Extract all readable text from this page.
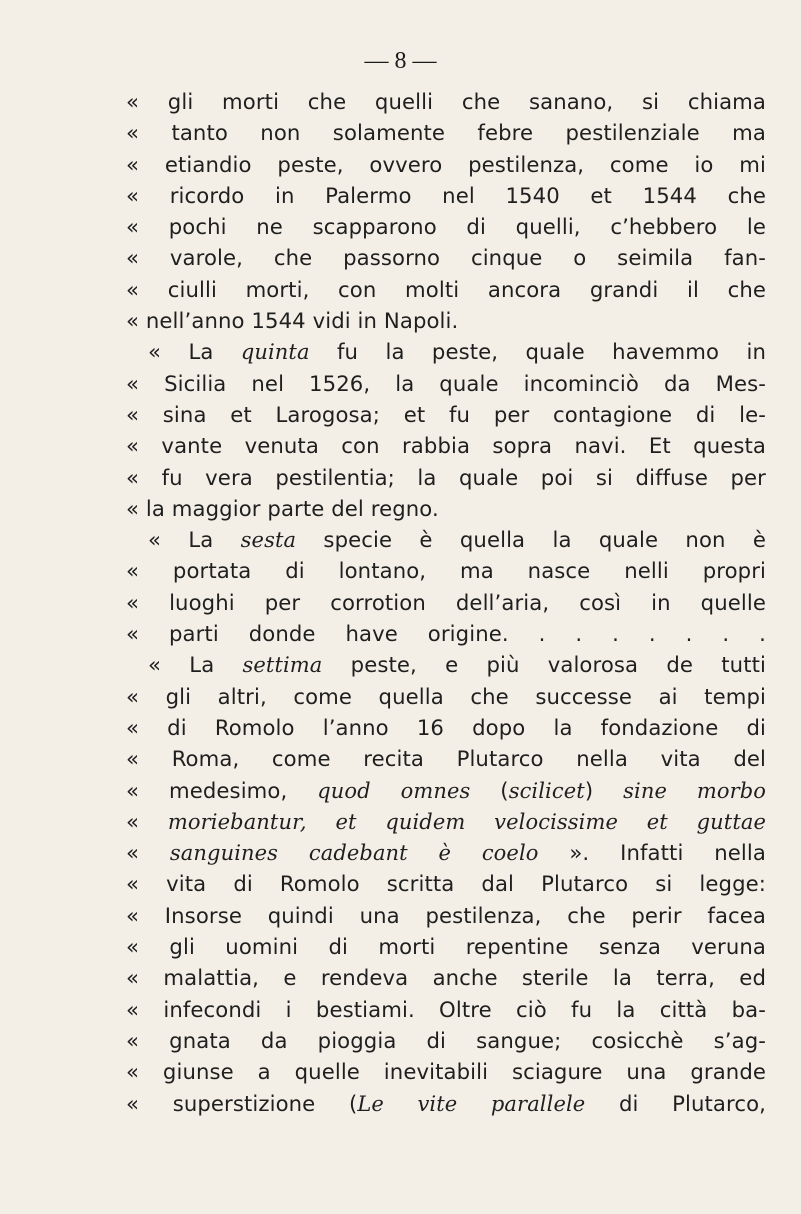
— 8 —
« gli morti che quelli che sanano, si chiama
« tanto non solamente febre pestilenziale ma
« etiandio peste, ovvero pestilenza, come io mi
« ricordo in Palermo nel 1540 et 1544 che
« pochi ne scapparono di quelli, c’hebbero le
« varole, che passorno cinque o seimila fan-
« ciulli morti, con molti ancora grandi il che
« nell’anno 1544 vidi in Napoli.
« La quinta fu la peste, quale havemmo in
« Sicilia nel 1526, la quale incominciò da Mes-
« sina et Larogosa; et fu per contagione di le-
« vante venuta con rabbia sopra navi. Et questa
« fu vera pestilentia; la quale poi si diffuse per
« la maggior parte del regno.
« La sesta specie è quella la quale non è
« portata di lontano, ma nasce nelli propri
« luoghi per corrotion dell’aria, così in quelle
« parti donde have origine. . . . . . . .
« La settima peste, e più valorosa de tutti
« gli altri, come quella che successe ai tempi
« di Romolo l’anno 16 dopo la fondazione di
« Roma, come recita Plutarco nella vita del
« medesimo, quod omnes (scilicet) sine morbo
« moriebantur, et quidem velocissime et guttae
« sanguines cadebant è coelo ». Infatti nella
« vita di Romolo scritta dal Plutarco si legge:
« Insorse quindi una pestilenza, che perir facea
« gli uomini di morti repentine senza veruna
« malattia, e rendeva anche sterile la terra, ed
« infecondi i bestiami. Oltre ciò fu la città ba-
« gnata da pioggia di sangue; cosicchè s’ag-
« giunse a quelle inevitabili sciagure una grande
« superstizione (Le vite parallele di Plutarco,
